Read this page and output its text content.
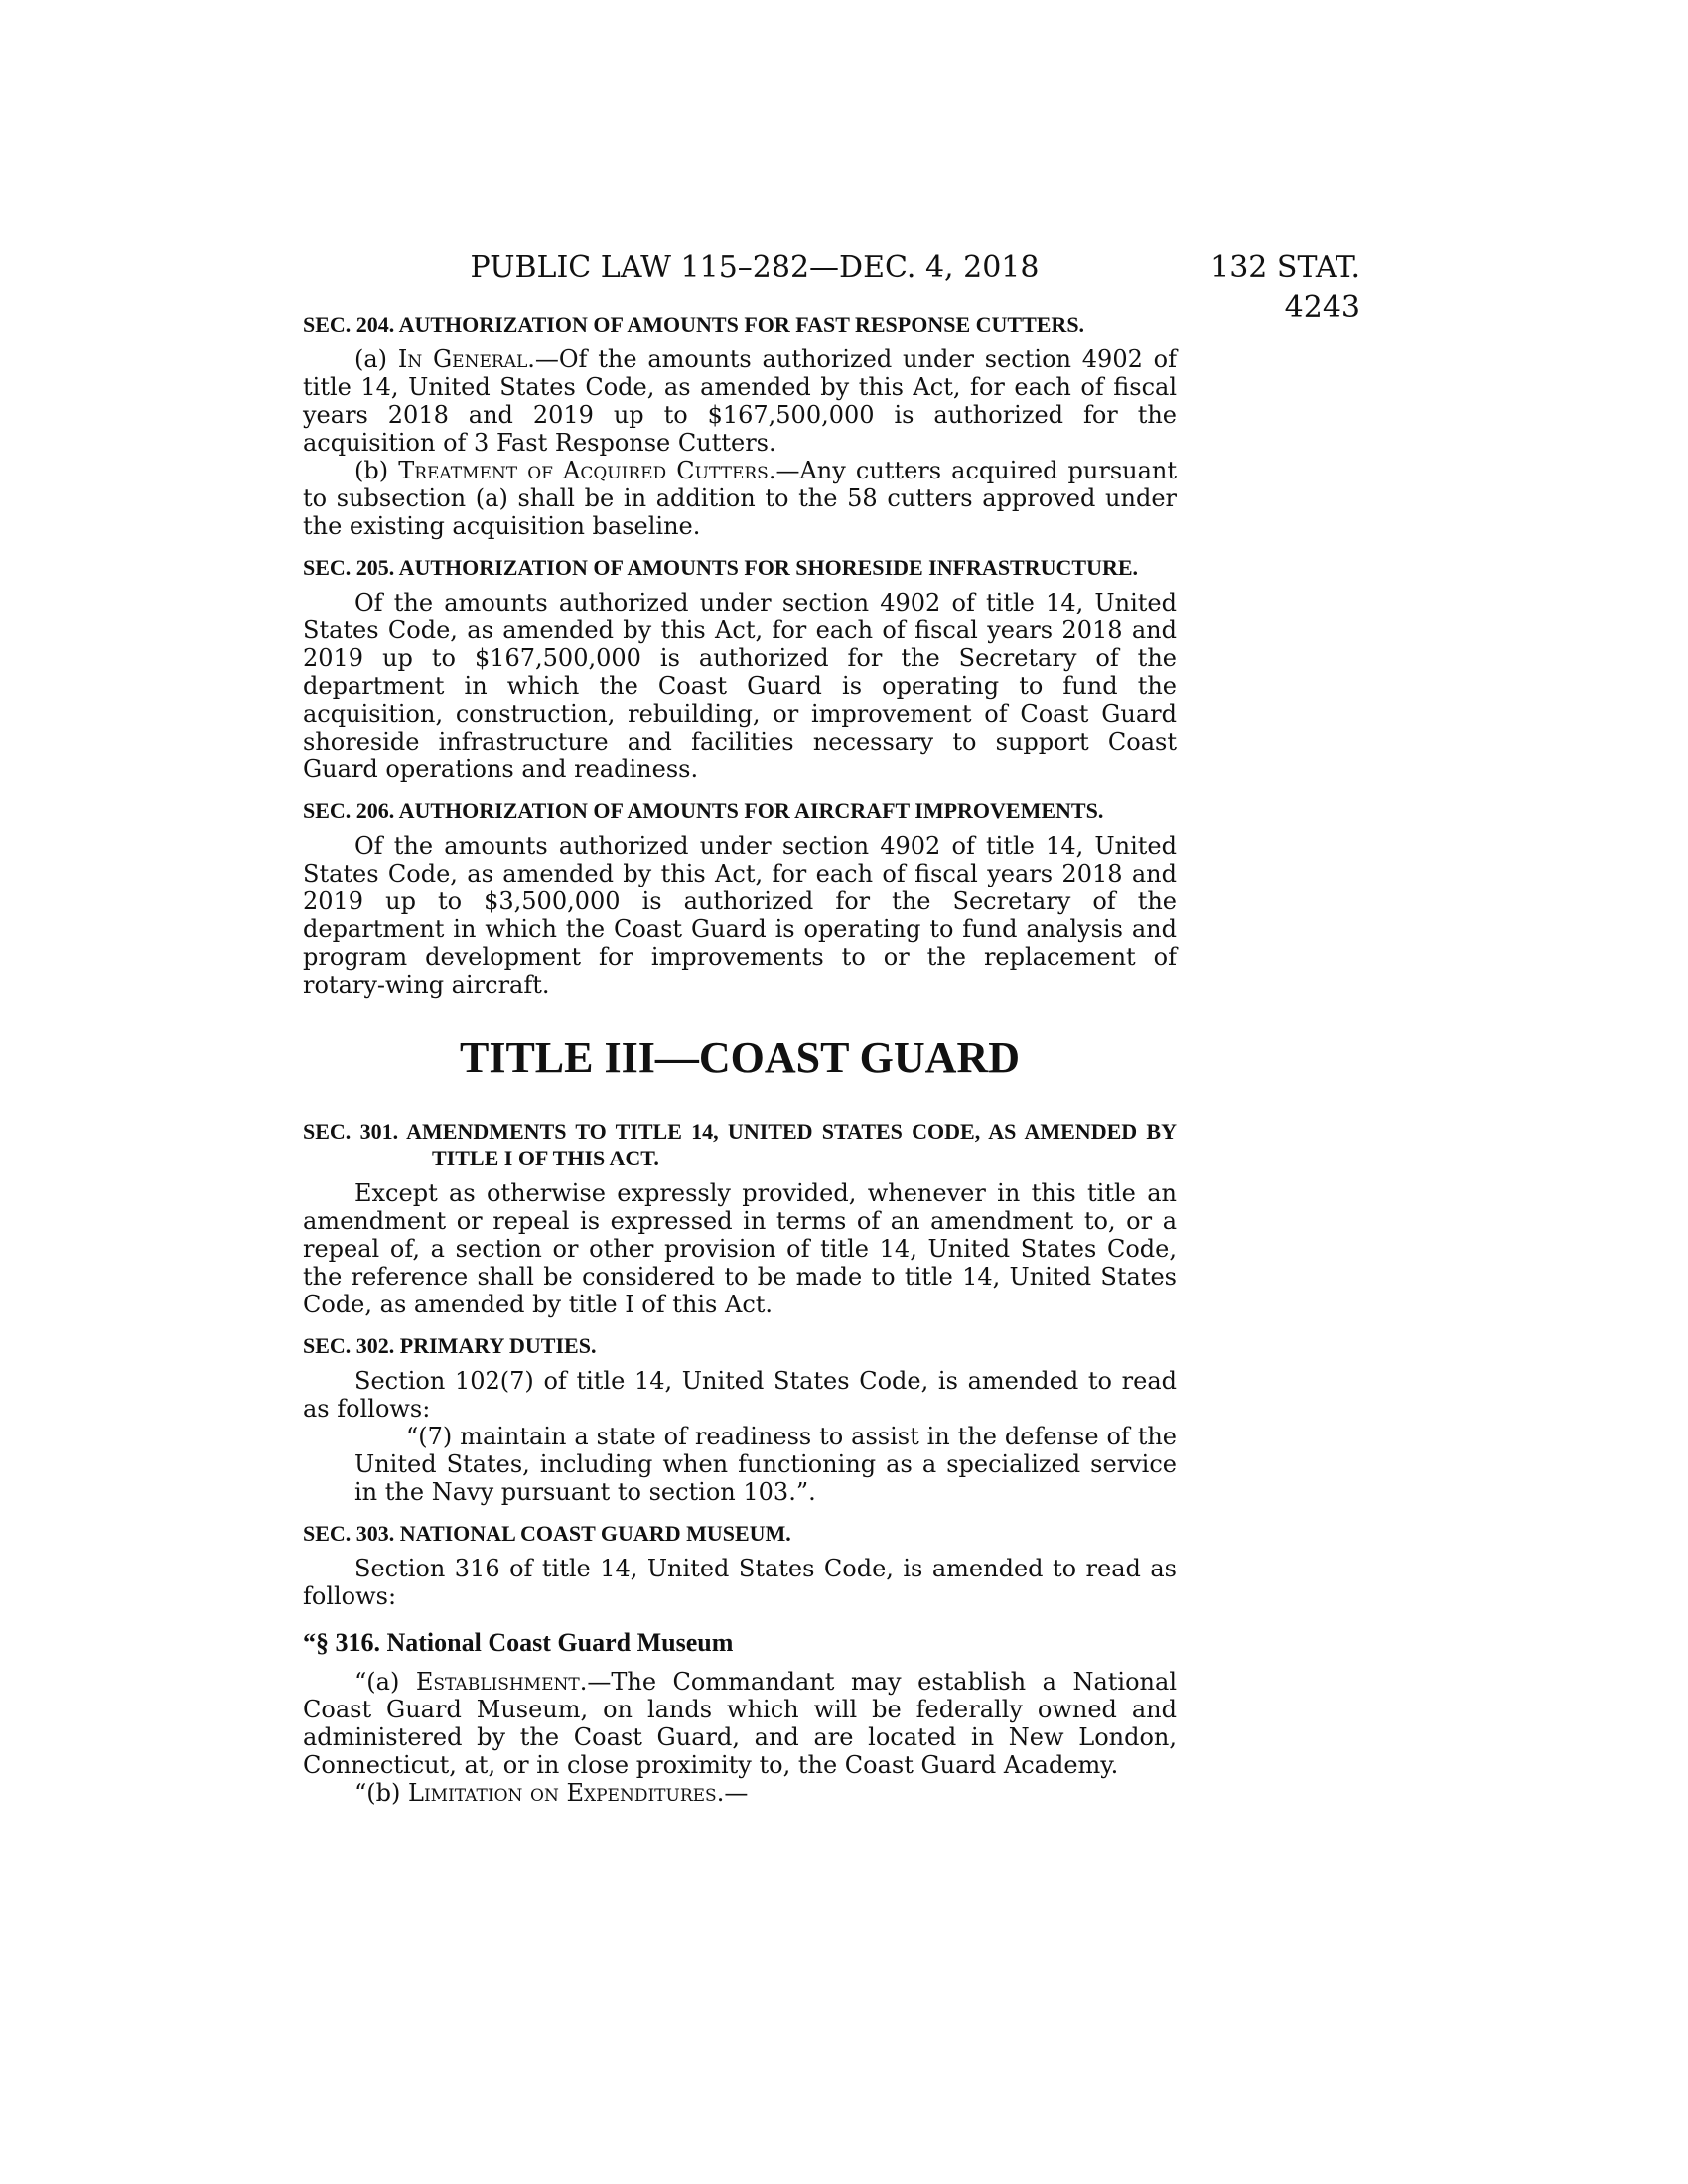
PUBLIC LAW 115–282—DEC. 4, 2018	132 STAT. 4243
SEC. 204. AUTHORIZATION OF AMOUNTS FOR FAST RESPONSE CUTTERS.

(a) In General.—Of the amounts authorized under section 4902 of title 14, United States Code, as amended by this Act, for each of fiscal years 2018 and 2019 up to $167,500,000 is authorized for the acquisition of 3 Fast Response Cutters.

(b) Treatment of Acquired Cutters.—Any cutters acquired pursuant to subsection (a) shall be in addition to the 58 cutters approved under the existing acquisition baseline.

SEC. 205. AUTHORIZATION OF AMOUNTS FOR SHORESIDE INFRASTRUCTURE.

Of the amounts authorized under section 4902 of title 14, United States Code, as amended by this Act, for each of fiscal years 2018 and 2019 up to $167,500,000 is authorized for the Secretary of the department in which the Coast Guard is operating to fund the acquisition, construction, rebuilding, or improvement of Coast Guard shoreside infrastructure and facilities necessary to support Coast Guard operations and readiness.

SEC. 206. AUTHORIZATION OF AMOUNTS FOR AIRCRAFT IMPROVEMENTS.

Of the amounts authorized under section 4902 of title 14, United States Code, as amended by this Act, for each of fiscal years 2018 and 2019 up to $3,500,000 is authorized for the Secretary of the department in which the Coast Guard is operating to fund analysis and program development for improvements to or the replacement of rotary-wing aircraft.

TITLE III—COAST GUARD
SEC. 301. AMENDMENTS TO TITLE 14, UNITED STATES CODE, AS AMENDED BY TITLE I OF THIS ACT.

Except as otherwise expressly provided, whenever in this title an amendment or repeal is expressed in terms of an amendment to, or a repeal of, a section or other provision of title 14, United States Code, the reference shall be considered to be made to title 14, United States Code, as amended by title I of this Act.

SEC. 302. PRIMARY DUTIES.

Section 102(7) of title 14, United States Code, is amended to read as follows:

“(7) maintain a state of readiness to assist in the defense of the United States, including when functioning as a specialized service in the Navy pursuant to section 103.”.

SEC. 303. NATIONAL COAST GUARD MUSEUM.

Section 316 of title 14, United States Code, is amended to read as follows:

“§ 316. National Coast Guard Museum

“(a) Establishment.—The Commandant may establish a National Coast Guard Museum, on lands which will be federally owned and administered by the Coast Guard, and are located in New London, Connecticut, at, or in close proximity to, the Coast Guard Academy.

“(b) Limitation on Expenditures.—
